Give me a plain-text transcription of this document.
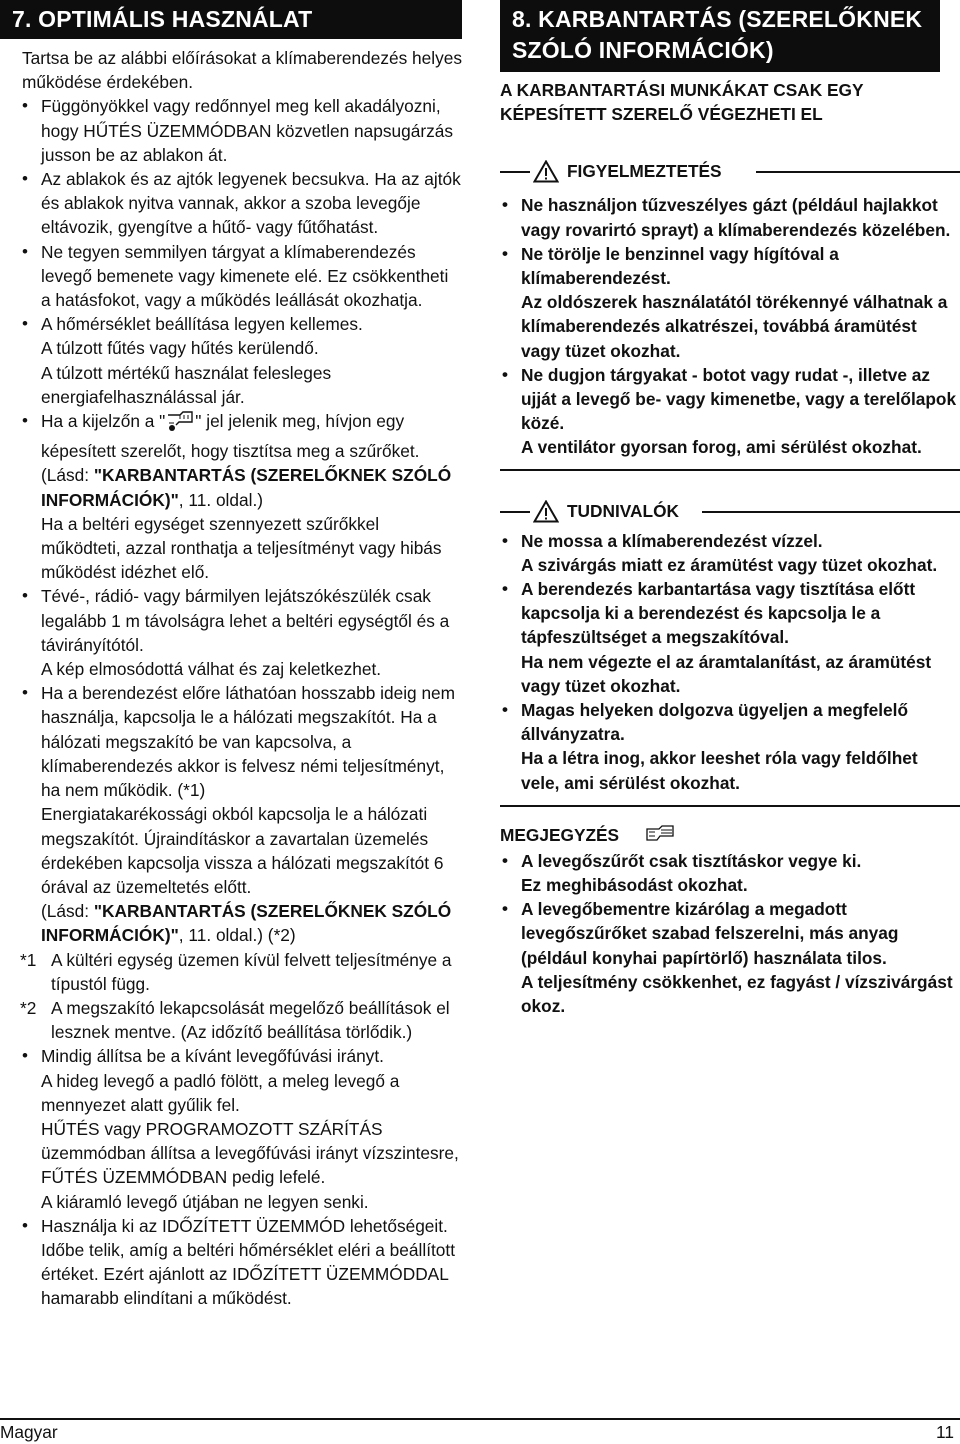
7. OPTIMÁLIS HASZNÁLAT

Tartsa be az alábbi előírásokat a klímaberendezés helyes működése érdekében.

• Függönyökkel vagy redőnnyel meg kell akadályozni, hogy HŰTÉS ÜZEMMÓDBAN közvetlen napsugárzás jusson be az ablakon át.
• Az ablakok és az ajtók legyenek becsukva. Ha az ajtók és ablakok nyitva vannak, akkor a szoba levegője eltávozik, gyengítve a hűtő- vagy fűtőhatást.
• Ne tegyen semmilyen tárgyat a klímaberendezés levegő bemenete vagy kimenete elé. Ez csökkentheti a hatásfokot, vagy a működés leállását okozhatja.
• A hőmérséklet beállítása legyen kellemes.
A túlzott fűtés vagy hűtés kerülendő.
A túlzott mértékű használat felesleges energiafelhasználással jár.
• Ha a kijelzőn a " " jel jelenik meg, hívjon egy képesített szerelőt, hogy tisztítsa meg a szűrőket.
(Lásd: "KARBANTARTÁS (SZERELŐKNEK SZÓLÓ INFORMÁCIÓK)", 11. oldal.)
Ha a beltéri egységet szennyezett szűrőkkel működteti, azzal ronthatja a teljesítményt vagy hibás működést idézhet elő.
• Tévé-, rádió- vagy bármilyen lejátszókészülék csak legalább 1 m távolságra lehet a beltéri egységtől és a távirányítótól.
A kép elmosódottá válhat és zaj keletkezhet.
• Ha a berendezést előre láthatóan hosszabb ideig nem használja, kapcsolja le a hálózati megszakítót. Ha a hálózati megszakító be van kapcsolva, a klímaberendezés akkor is felvesz némi teljesítményt, ha nem működik. (*1)
Energiatakarékossági okból kapcsolja le a hálózati megszakítót. Újraindításkor a zavartalan üzemelés érdekében kapcsolja vissza a hálózati megszakítót 6 órával az üzemeltetés előtt.
(Lásd: "KARBANTARTÁS (SZERELŐKNEK SZÓLÓ INFORMÁCIÓK)", 11. oldal.) (*2)
*1 A kültéri egység üzemen kívül felvett teljesítménye a típustól függ.
*2 A megszakító lekapcsolását megelőző beállítások el lesznek mentve. (Az időzítő beállítása törlődik.)
• Mindig állítsa be a kívánt levegőfúvási irányt.
A hideg levegő a padló fölött, a meleg levegő a mennyezet alatt gyűlik fel.
HŰTÉS vagy PROGRAMOZOTT SZÁRÍTÁS üzemmódban állítsa a levegőfúvási irányt vízszintesre, FŰTÉS ÜZEMMÓDBAN pedig lefelé.
A kiáramló levegő útjában ne legyen senki.
• Használja ki az IDŐZÍTETT ÜZEMMÓD lehetőségeit.
Időbe telik, amíg a beltéri hőmérséklet eléri a beállított értéket. Ezért ajánlott az IDŐZÍTETT ÜZEMMÓDDAL hamarabb elindítani a működést.
8. KARBANTARTÁS (SZERELŐKNEK SZÓLÓ INFORMÁCIÓK)

A KARBANTARTÁSI MUNKÁKAT CSAK EGY KÉPESÍTETT SZERELŐ VÉGEZHETI EL

FIGYELMEZTETÉS
• Ne használjon tűzveszélyes gázt (például hajlakkot vagy rovarirtó sprayt) a klímaberendezés közelében.
• Ne törölje le benzinnel vagy hígítóval a klímaberendezést.
Az oldószerek használatától törékennyé válhatnak a klímaberendezés alkatrészei, továbbá áramütést vagy tüzet okozhat.
• Ne dugjon tárgyakat - botot vagy rudat -, illetve az ujját a levegő be- vagy kimenetbe, vagy a terelőlapok közé.
A ventilátor gyorsan forog, ami sérülést okozhat.
TUDNIVALÓK
• Ne mossa a klímaberendezést vízzel.
A szivárgás miatt ez áramütést vagy tüzet okozhat.
• A berendezés karbantartása vagy tisztítása előtt kapcsolja ki a berendezést és kapcsolja le a tápfeszültséget a megszakítóval.
Ha nem végezte el az áramtalanítást, az áramütést vagy tüzet okozhat.
• Magas helyeken dolgozva ügyeljen a megfelelő állványzatra.
Ha a létra inog, akkor leeshet róla vagy feldőlhet vele, ami sérülést okozhat.
MEGJEGYZÉS
• A levegőszűrőt csak tisztításkor vegye ki.
Ez meghibásodást okozhat.
• A levegőbementre kizárólag a megadott levegőszűrőket szabad felszerelni, más anyag (például konyhai papírtörlő) használata tilos.
A teljesítmény csökkenhet, ez fagyást / vízszivárgást okoz.
Magyar	11
